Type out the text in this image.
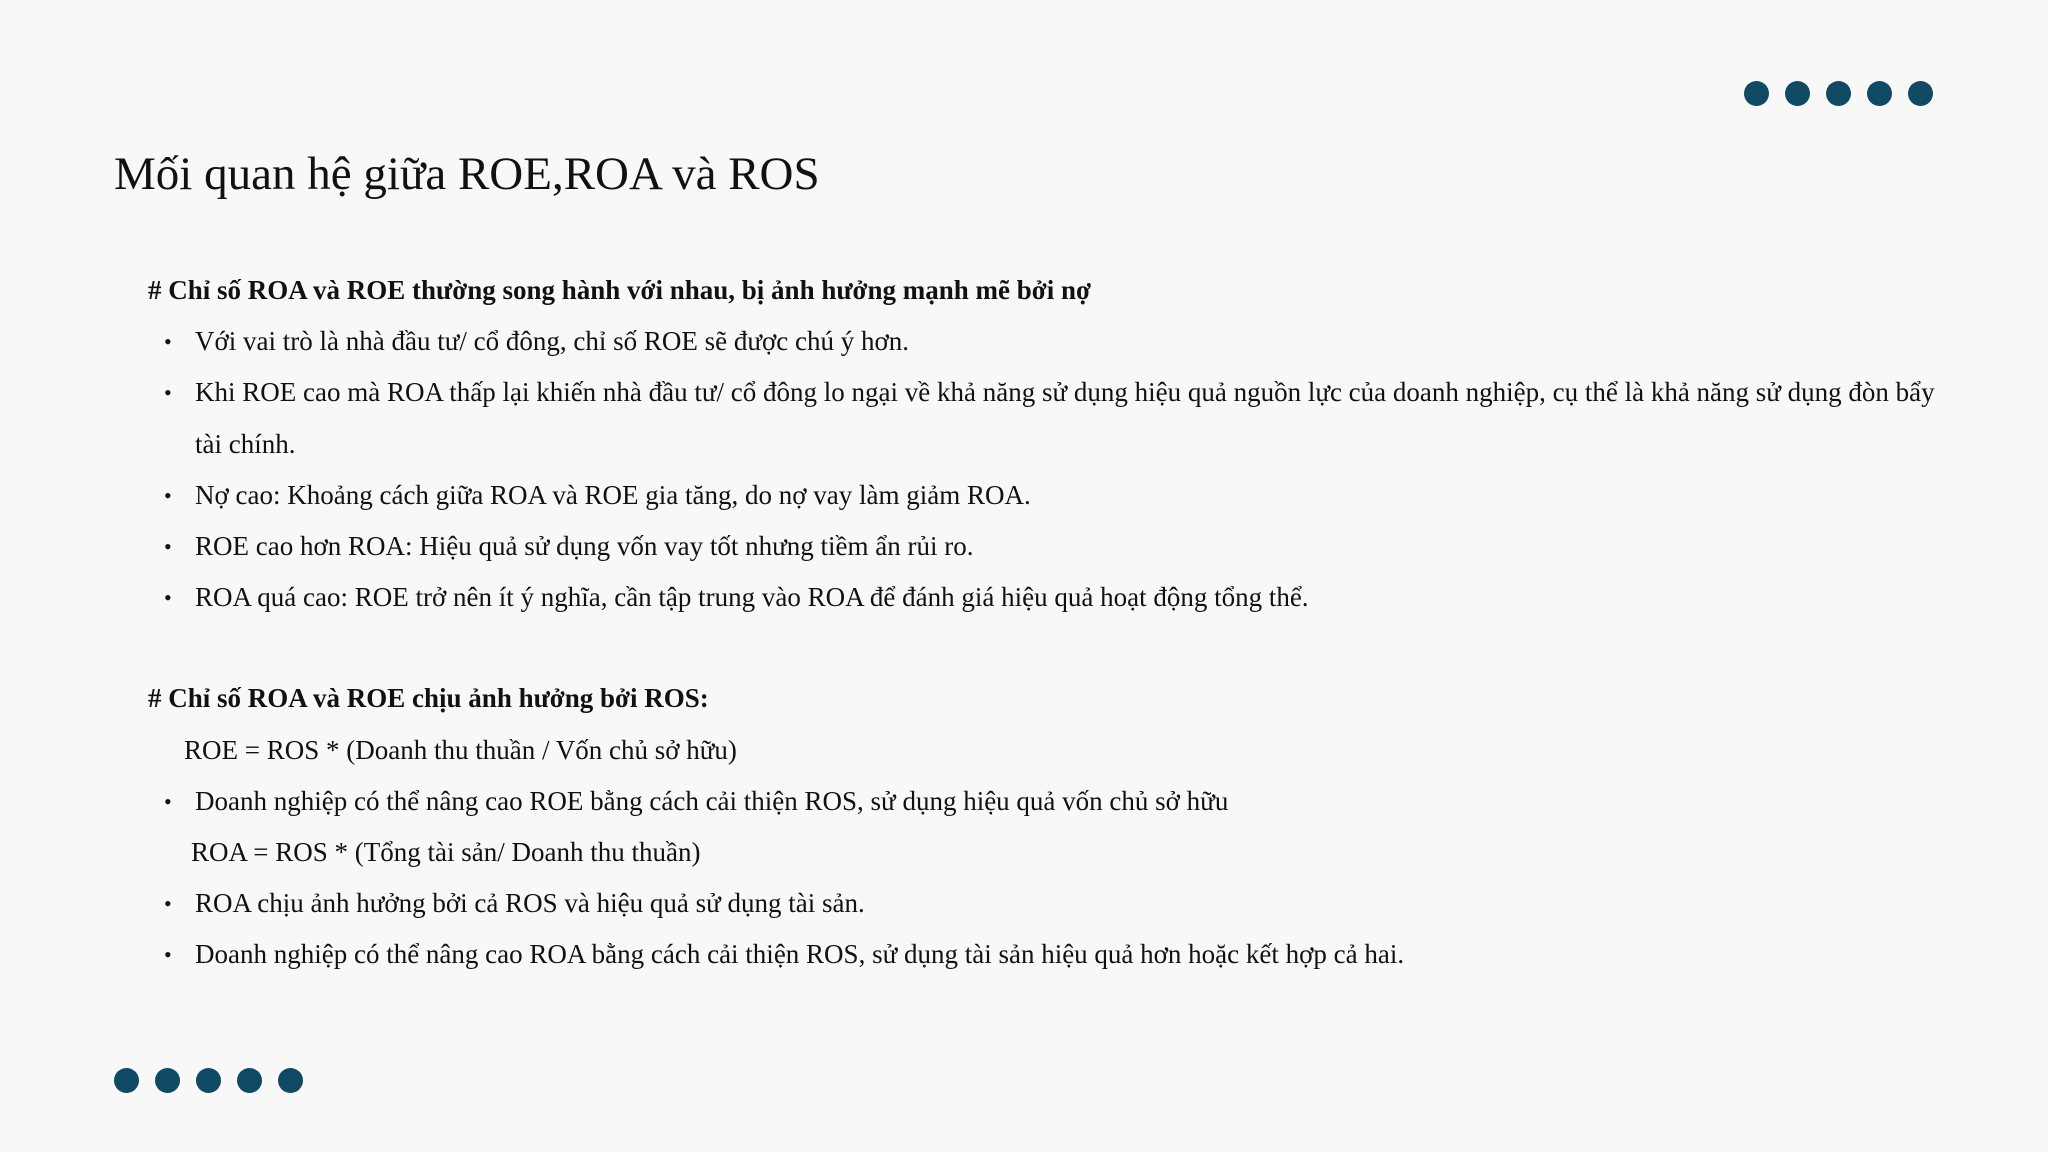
Mối quan hệ giữa ROE,ROA và ROS

# Chỉ số ROA và ROE thường song hành với nhau, bị ảnh hưởng mạnh mẽ bởi nợ

• Với vai trò là nhà đầu tư/ cổ đông, chỉ số ROE sẽ được chú ý hơn.
• Khi ROE cao mà ROA thấp lại khiến nhà đầu tư/ cổ đông lo ngại về khả năng sử dụng hiệu quả nguồn lực của doanh nghiệp, cụ thể là khả năng sử dụng đòn bẩy tài chính.
• Nợ cao: Khoảng cách giữa ROA và ROE gia tăng, do nợ vay làm giảm ROA.
• ROE cao hơn ROA: Hiệu quả sử dụng vốn vay tốt nhưng tiềm ẩn rủi ro.
• ROA quá cao: ROE trở nên ít ý nghĩa, cần tập trung vào ROA để đánh giá hiệu quả hoạt động tổng thể.

# Chỉ số ROA và ROE chịu ảnh hưởng bởi ROS:

ROE = ROS * (Doanh thu thuần / Vốn chủ sở hữu)

• Doanh nghiệp có thể nâng cao ROE bằng cách cải thiện ROS, sử dụng hiệu quả vốn chủ sở hữu

ROA = ROS * (Tổng tài sản/ Doanh thu thuần)

• ROA chịu ảnh hưởng bởi cả ROS và hiệu quả sử dụng tài sản.
• Doanh nghiệp có thể nâng cao ROA bằng cách cải thiện ROS, sử dụng tài sản hiệu quả hơn hoặc kết hợp cả hai.
